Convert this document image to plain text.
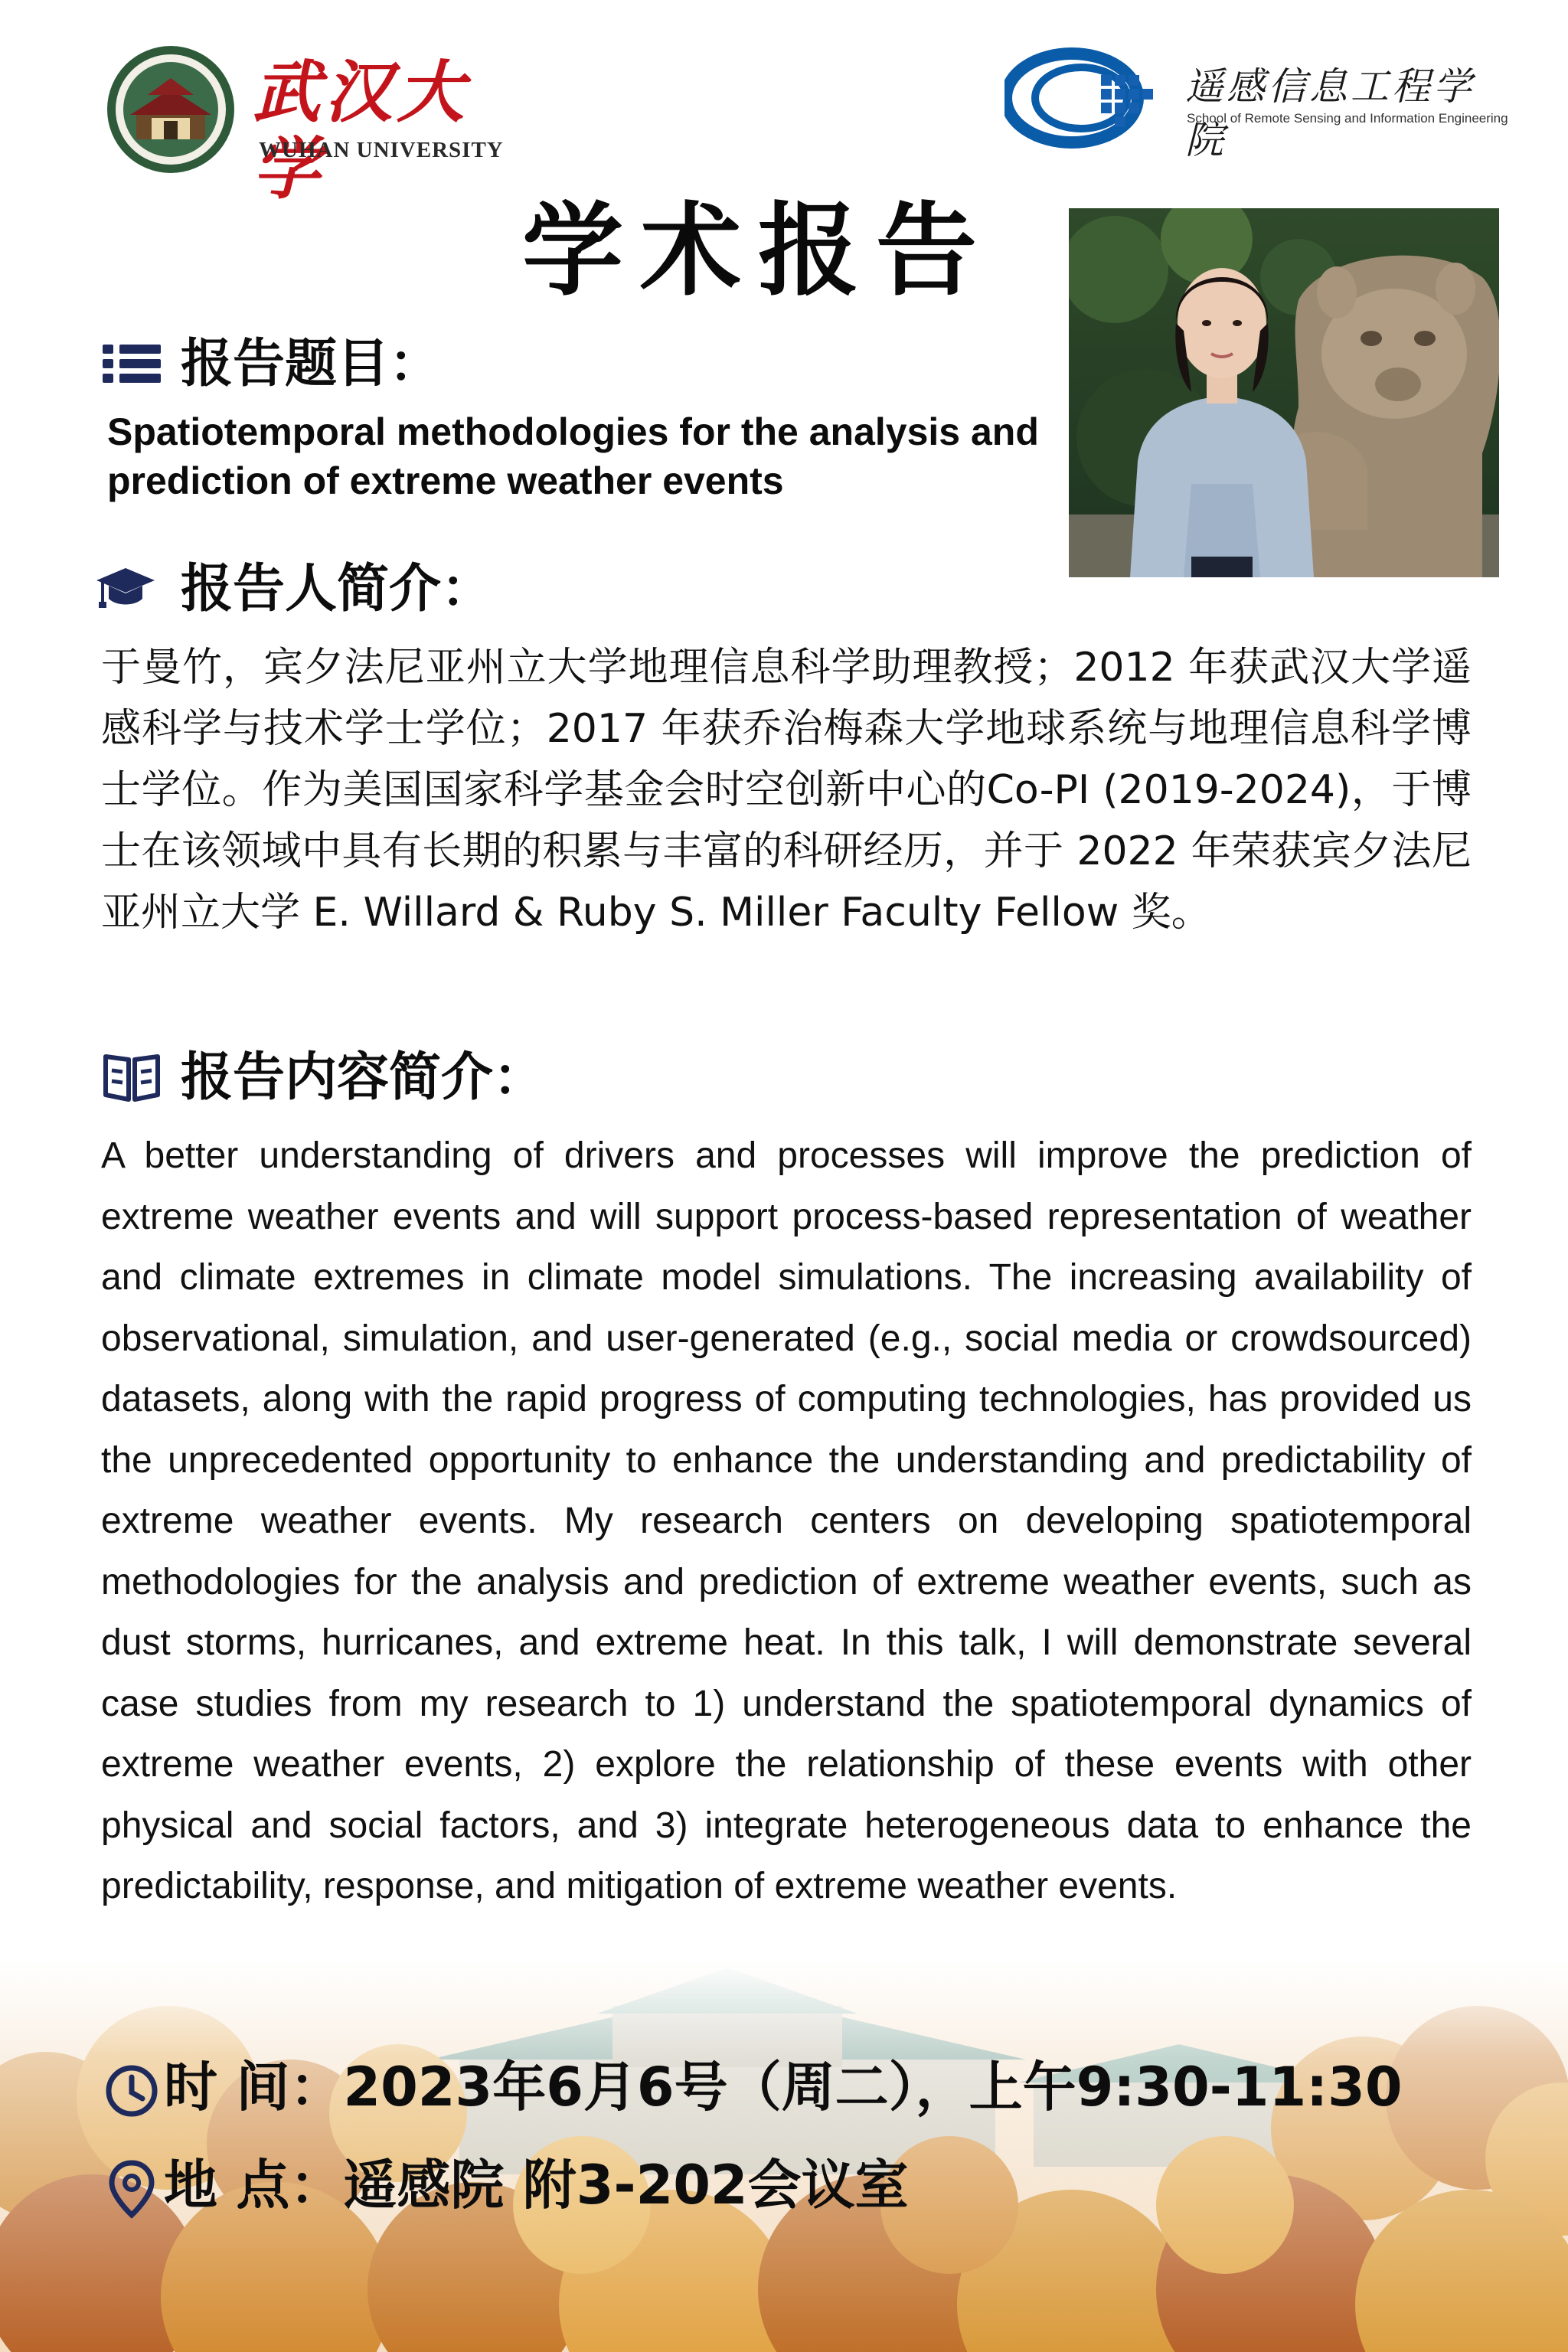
武汉大学
WUHAN UNIVERSITY
遥感信息工程学院
School of Remote Sensing and Information Engineering
学术报告
报告题目：
Spatiotemporal methodologies for the analysis and prediction of extreme weather events
报告人简介：
于曼竹，宾夕法尼亚州立大学地理信息科学助理教授；2012 年获武汉大学遥感科学与技术学士学位；2017 年获乔治梅森大学地球系统与地理信息科学博士学位。作为美国国家科学基金会时空创新中心的Co-PI (2019-2024)，于博士在该领域中具有长期的积累与丰富的科研经历，并于 2022 年荣获宾夕法尼亚州立大学 E. Willard & Ruby S. Miller Faculty Fellow 奖。
报告内容简介：
A better understanding of drivers and processes will improve the prediction of extreme weather events and will support process-based representation of weather and climate extremes in climate model simulations. The increasing availability of observational, simulation, and user-generated (e.g., social media or crowdsourced) datasets, along with the rapid progress of computing technologies, has provided us the unprecedented opportunity to enhance the understanding and predictability of extreme weather events. My research centers on developing spatiotemporal methodologies for the analysis and prediction of extreme weather events, such as dust storms, hurricanes, and extreme heat. In this talk, I will demonstrate several case studies from my research to 1) understand the spatiotemporal dynamics of extreme weather events, 2) explore the relationship of these events with other physical and social factors, and 3) integrate heterogeneous data to enhance the predictability, response, and mitigation of extreme weather events.
时 间：2023年6月6号（周二），上午9:30-11:30
地 点：遥感院 附3-202会议室
